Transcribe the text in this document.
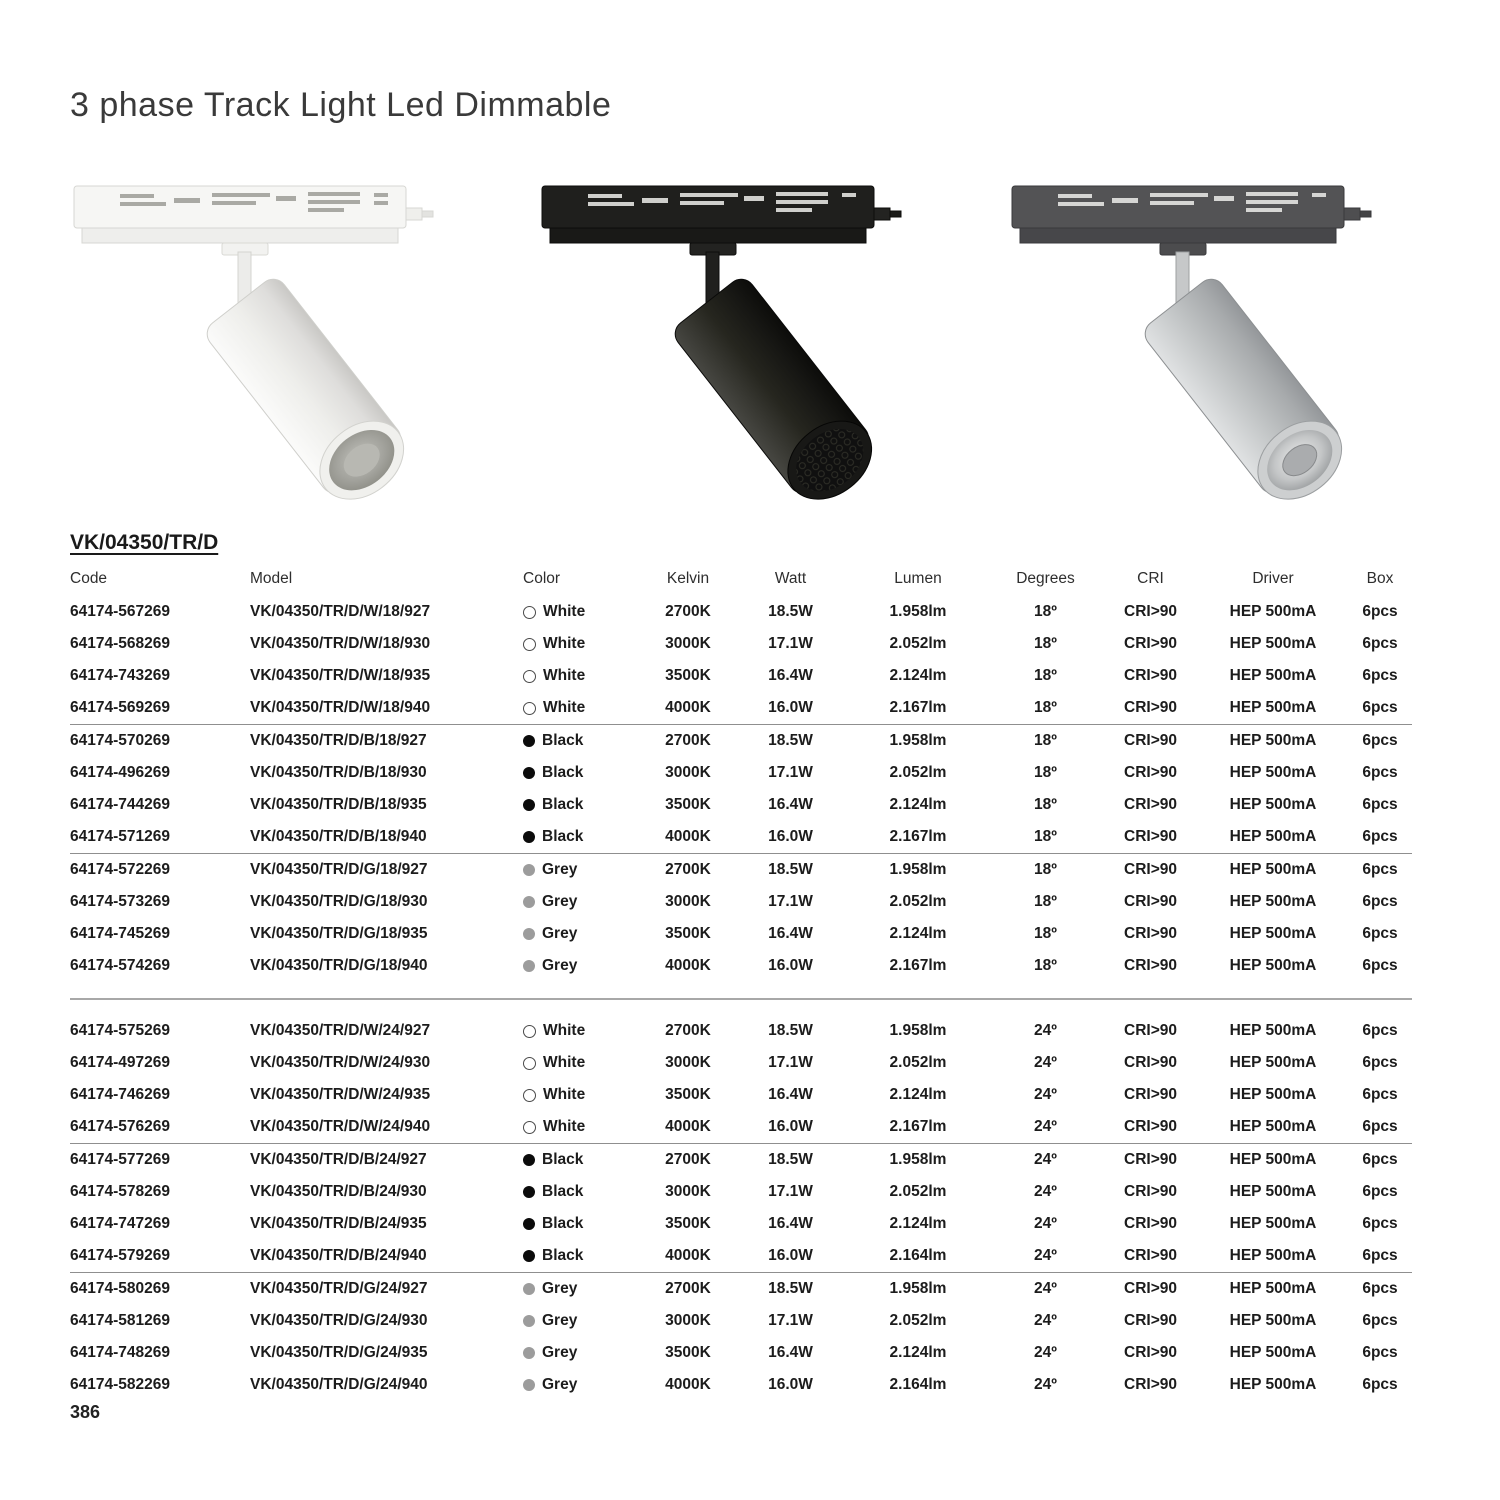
3 phase Track Light Led Dimmable
VK/04350/TR/D
Code	Model	Color	Kelvin	Watt	Lumen	Degrees	CRI	Driver	Box
64174-567269	VK/04350/TR/D/W/18/927	White	2700K	18.5W	1.958lm	18º	CRI>90	HEP 500mA	6pcs
64174-568269	VK/04350/TR/D/W/18/930	White	3000K	17.1W	2.052lm	18º	CRI>90	HEP 500mA	6pcs
64174-743269	VK/04350/TR/D/W/18/935	White	3500K	16.4W	2.124lm	18º	CRI>90	HEP 500mA	6pcs
64174-569269	VK/04350/TR/D/W/18/940	White	4000K	16.0W	2.167lm	18º	CRI>90	HEP 500mA	6pcs
64174-570269	VK/04350/TR/D/B/18/927	Black	2700K	18.5W	1.958lm	18º	CRI>90	HEP 500mA	6pcs
64174-496269	VK/04350/TR/D/B/18/930	Black	3000K	17.1W	2.052lm	18º	CRI>90	HEP 500mA	6pcs
64174-744269	VK/04350/TR/D/B/18/935	Black	3500K	16.4W	2.124lm	18º	CRI>90	HEP 500mA	6pcs
64174-571269	VK/04350/TR/D/B/18/940	Black	4000K	16.0W	2.167lm	18º	CRI>90	HEP 500mA	6pcs
64174-572269	VK/04350/TR/D/G/18/927	Grey	2700K	18.5W	1.958lm	18º	CRI>90	HEP 500mA	6pcs
64174-573269	VK/04350/TR/D/G/18/930	Grey	3000K	17.1W	2.052lm	18º	CRI>90	HEP 500mA	6pcs
64174-745269	VK/04350/TR/D/G/18/935	Grey	3500K	16.4W	2.124lm	18º	CRI>90	HEP 500mA	6pcs
64174-574269	VK/04350/TR/D/G/18/940	Grey	4000K	16.0W	2.167lm	18º	CRI>90	HEP 500mA	6pcs
64174-575269	VK/04350/TR/D/W/24/927	White	2700K	18.5W	1.958lm	24º	CRI>90	HEP 500mA	6pcs
64174-497269	VK/04350/TR/D/W/24/930	White	3000K	17.1W	2.052lm	24º	CRI>90	HEP 500mA	6pcs
64174-746269	VK/04350/TR/D/W/24/935	White	3500K	16.4W	2.124lm	24º	CRI>90	HEP 500mA	6pcs
64174-576269	VK/04350/TR/D/W/24/940	White	4000K	16.0W	2.167lm	24º	CRI>90	HEP 500mA	6pcs
64174-577269	VK/04350/TR/D/B/24/927	Black	2700K	18.5W	1.958lm	24º	CRI>90	HEP 500mA	6pcs
64174-578269	VK/04350/TR/D/B/24/930	Black	3000K	17.1W	2.052lm	24º	CRI>90	HEP 500mA	6pcs
64174-747269	VK/04350/TR/D/B/24/935	Black	3500K	16.4W	2.124lm	24º	CRI>90	HEP 500mA	6pcs
64174-579269	VK/04350/TR/D/B/24/940	Black	4000K	16.0W	2.164lm	24º	CRI>90	HEP 500mA	6pcs
64174-580269	VK/04350/TR/D/G/24/927	Grey	2700K	18.5W	1.958lm	24º	CRI>90	HEP 500mA	6pcs
64174-581269	VK/04350/TR/D/G/24/930	Grey	3000K	17.1W	2.052lm	24º	CRI>90	HEP 500mA	6pcs
64174-748269	VK/04350/TR/D/G/24/935	Grey	3500K	16.4W	2.124lm	24º	CRI>90	HEP 500mA	6pcs
64174-582269	VK/04350/TR/D/G/24/940	Grey	4000K	16.0W	2.164lm	24º	CRI>90	HEP 500mA	6pcs
386
